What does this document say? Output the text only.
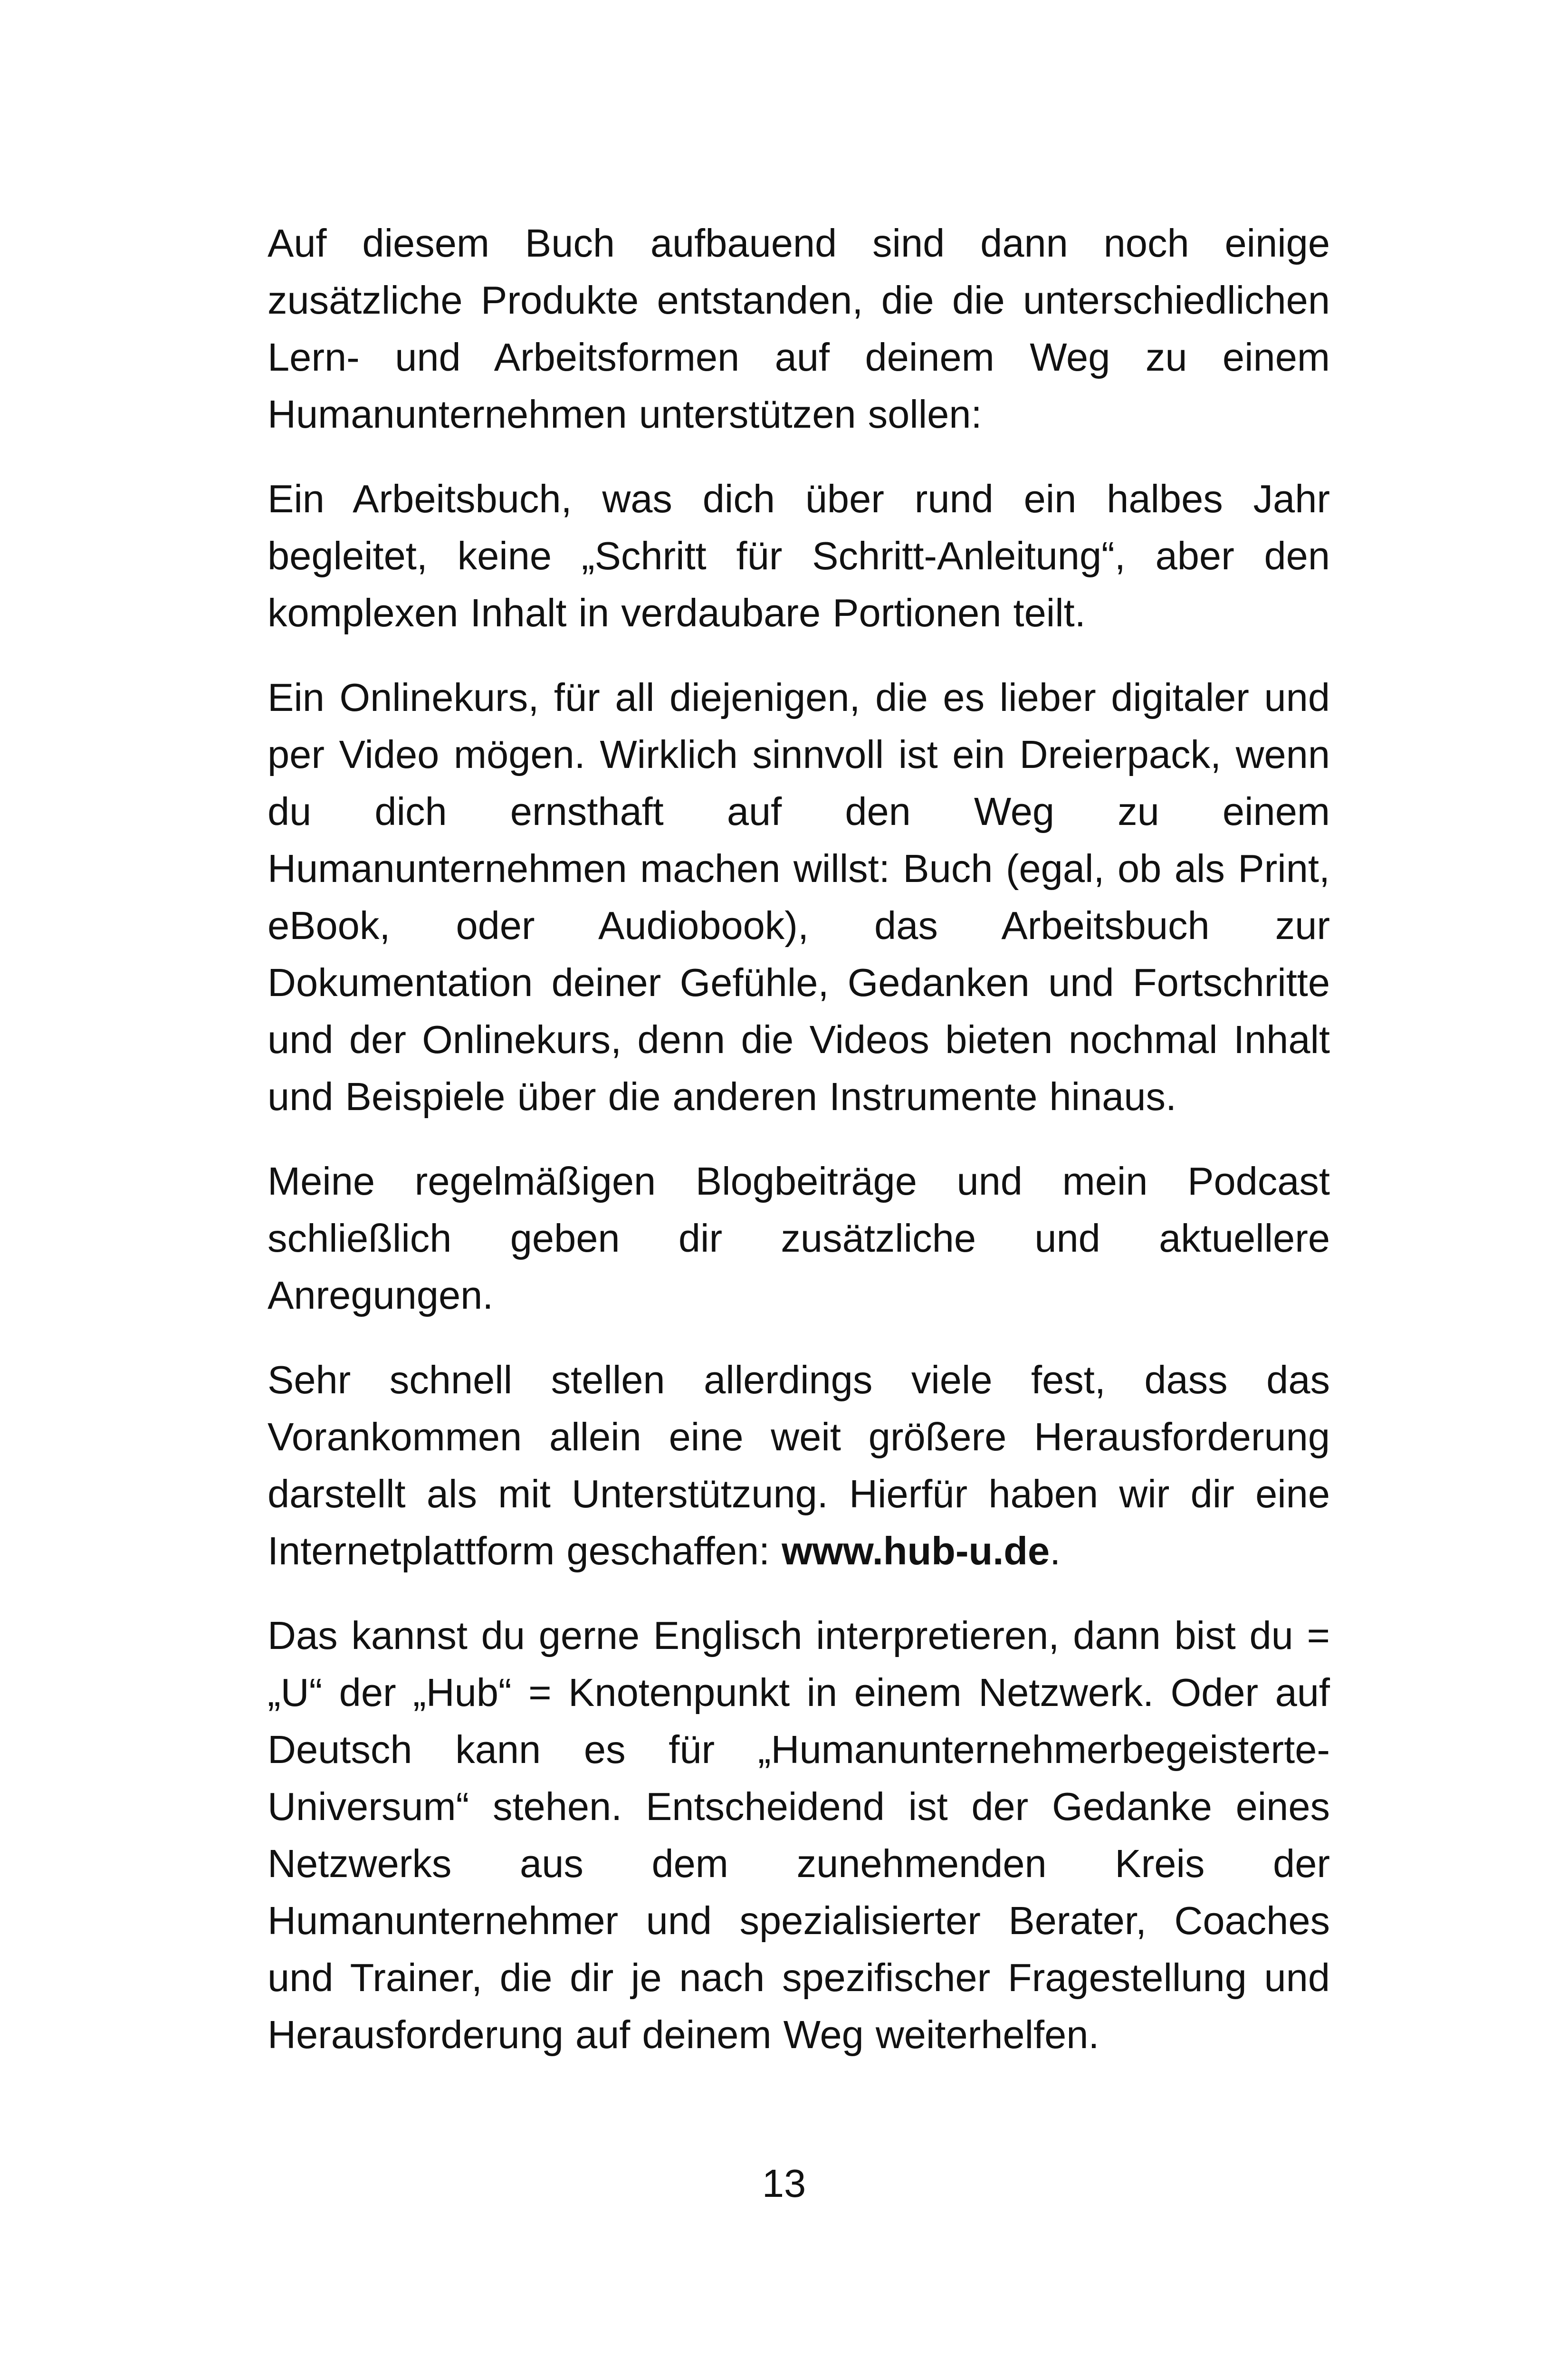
Auf diesem Buch aufbauend sind dann noch einige zusätzliche Produkte entstanden, die die unterschiedlichen Lern- und Arbeitsformen auf deinem Weg zu einem Humanunternehmen unterstützen sollen:

Ein Arbeitsbuch, was dich über rund ein halbes Jahr begleitet, keine „Schritt für Schritt-Anleitung“, aber den komplexen Inhalt in verdaubare Portionen teilt.

Ein Onlinekurs, für all diejenigen, die es lieber digitaler und per Video mögen. Wirklich sinnvoll ist ein Dreierpack, wenn du dich ernsthaft auf den Weg zu einem Humanunternehmen machen willst: Buch (egal, ob als Print, eBook, oder Audiobook), das Arbeitsbuch zur Dokumentation deiner Gefühle, Gedanken und Fortschritte und der Onlinekurs, denn die Videos bieten nochmal Inhalt und Beispiele über die anderen Instrumente hinaus.

Meine regelmäßigen Blogbeiträge und mein Podcast schließlich geben dir zusätzliche und aktuellere Anregungen.

Sehr schnell stellen allerdings viele fest, dass das Vorankommen allein eine weit größere Herausforderung darstellt als mit Unterstützung. Hierfür haben wir dir eine Internetplattform geschaffen: www.hub-u.de.

Das kannst du gerne Englisch interpretieren, dann bist du = „U“ der „Hub“ = Knotenpunkt in einem Netzwerk. Oder auf Deutsch kann es für „Humanunternehmerbegeisterte-Universum“ stehen. Entscheidend ist der Gedanke eines Netzwerks aus dem zunehmenden Kreis der Humanunternehmer und spezialisierter Berater, Coaches und Trainer, die dir je nach spezifischer Fragestellung und Herausforderung auf deinem Weg weiterhelfen.

13
